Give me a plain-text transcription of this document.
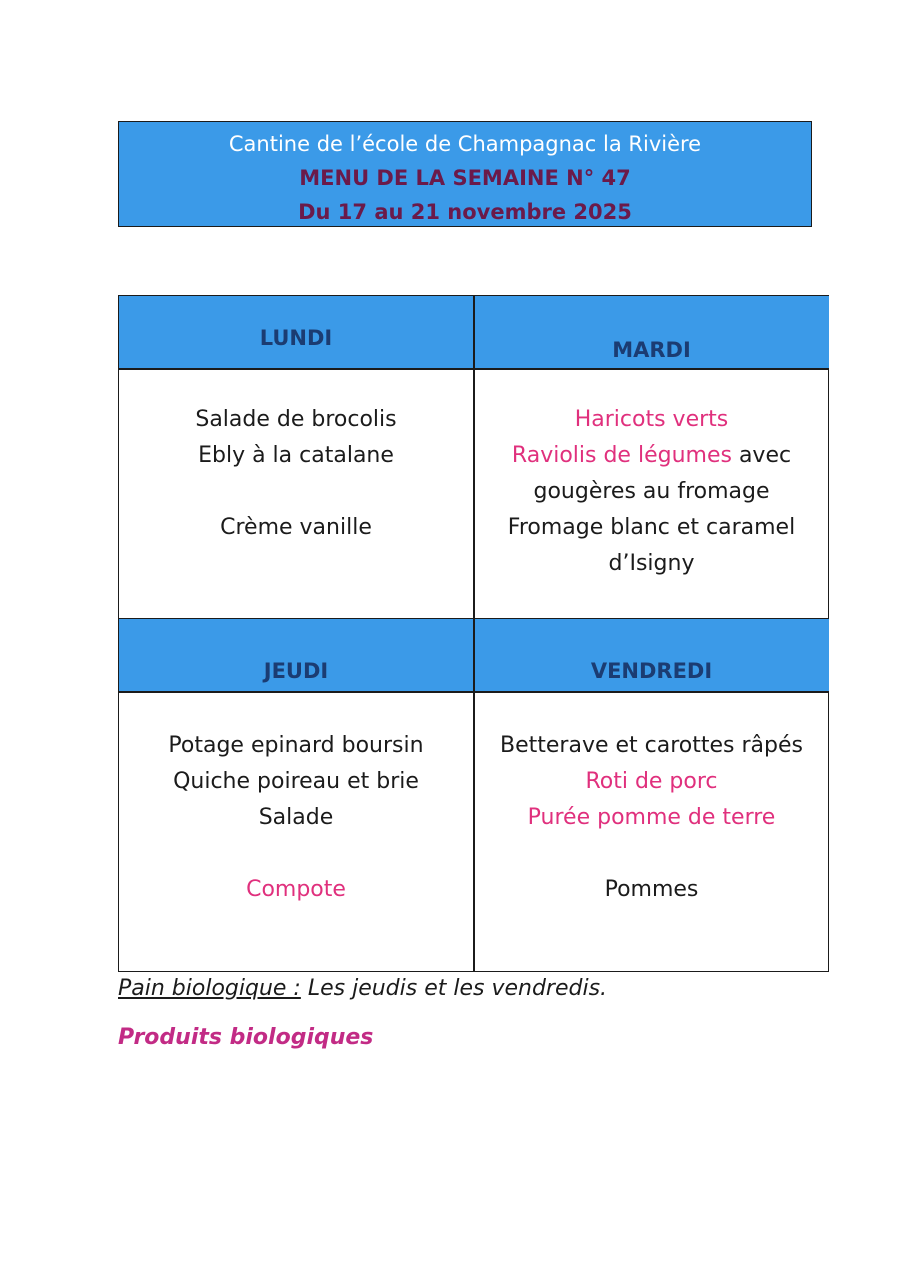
Cantine de l’école de Champagnac la Rivière
MENU DE LA SEMAINE N° 47
Du 17 au 21 novembre 2025
LUNDI	MARDI
Salade de brocolis
Ebly à la catalane
Crème vanille
Haricots verts
Raviolis de légumes avec
gougères au fromage
Fromage blanc et caramel
d’Isigny
JEUDI	VENDREDI
Potage epinard boursin
Quiche poireau et brie
Salade
Compote
Betterave et carottes râpés
Roti de porc
Purée pomme de terre
Pommes
Pain biologique : Les jeudis et les vendredis.
Produits biologiques
